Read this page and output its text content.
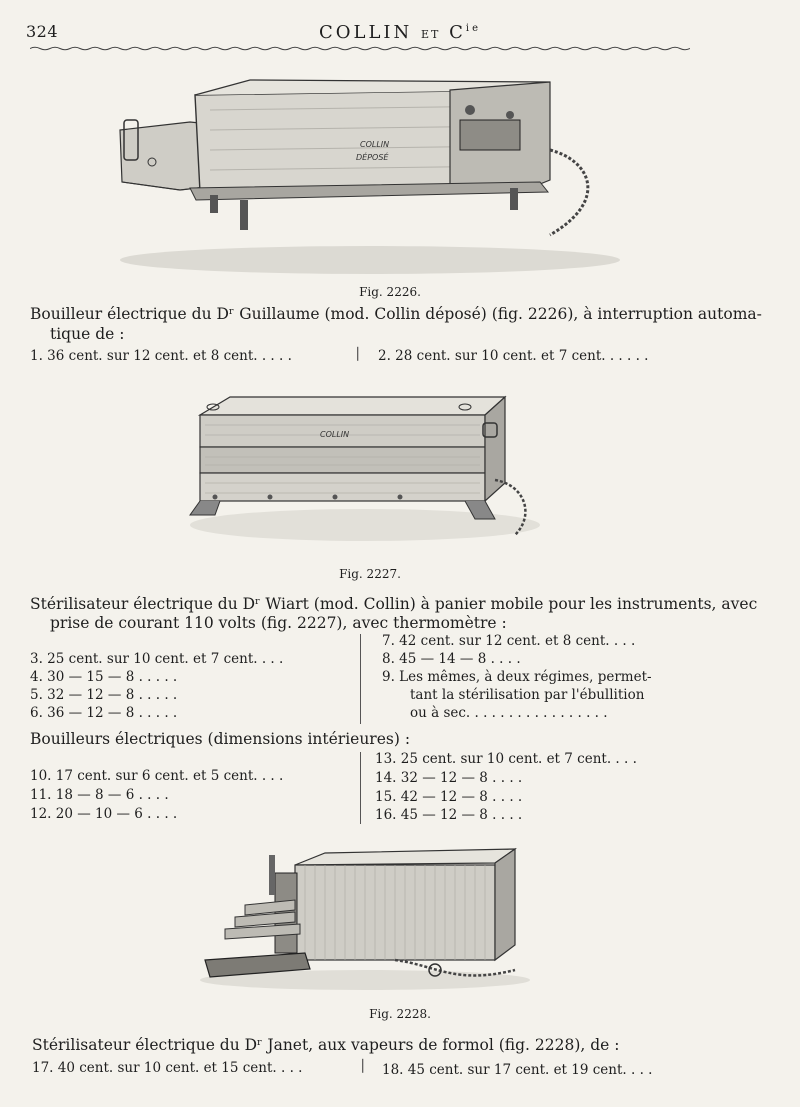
324	COLLIN ET $C^{ie}$
COLLIN
DÉPOSÉ
Fig. 2226.
Bouilleur électrique du Dʳ Guillaume (mod. Collin déposé) (fig. 2226), à interruption automa-
tique de :
1. 36 cent. sur 12 cent. et 8 cent. . . . .	⎸ 2. 28 cent. sur 10 cent. et 7 cent. . . . . .
COLLIN
Fig. 2227.
Stérilisateur électrique du Dʳ Wiart (mod. Collin) à panier mobile pour les instruments, avec
prise de courant 110 volts (fig. 2227), avec thermomètre :
3. 25 cent. sur 10 cent. et 7 cent. . . .
4. 30 — 15 — 8 . . . . .
5. 32 — 12 — 8 . . . . .
6. 36 — 12 — 8 . . . . .
7. 42 cent. sur 12 cent. et 8 cent. . . .
8. 45 — 14 — 8 . . . .
9. Les mêmes, à deux régimes, permet-
tant la stérilisation par l'ébullition
ou à sec. . . . . . . . . . . . . . . . .
Bouilleurs électriques (dimensions intérieures) :
10. 17 cent. sur 6 cent. et 5 cent. . . .
11. 18 — 8 — 6 . . . .
12. 20 — 10 — 6 . . . .
13. 25 cent. sur 10 cent. et 7 cent. . . .
14. 32 — 12 — 8 . . . .
15. 42 — 12 — 8 . . . .
16. 45 — 12 — 8 . . . .
Fig. 2228.
Stérilisateur électrique du Dʳ Janet, aux vapeurs de formol (fig. 2228), de :
17. 40 cent. sur 10 cent. et 15 cent. . . .	⎸ 18. 45 cent. sur 17 cent. et 19 cent. . . .
